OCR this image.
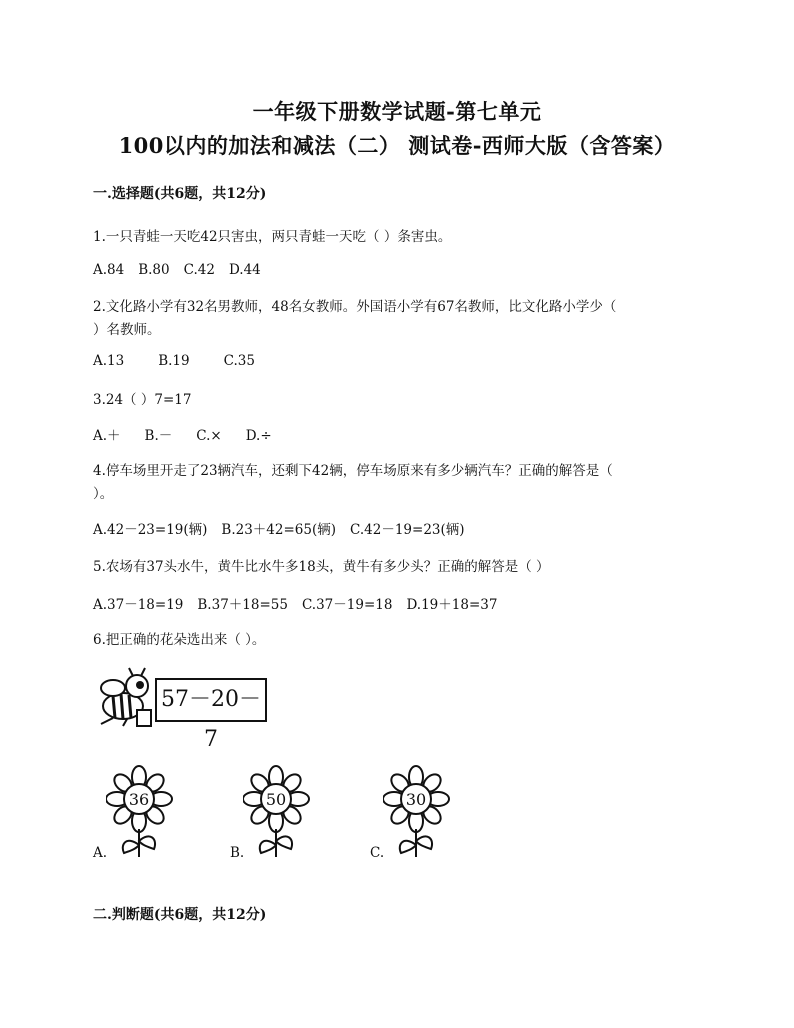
一年级下册数学试题-第七单元
100以内的加法和减法（二） 测试卷-西师大版（含答案）
一.选择题(共6题，共12分)
1.一只青蛙一天吃42只害虫，两只青蛙一天吃（ ）条害虫。
A.84 B.80 C.42 D.44
2.文化路小学有32名男教师，48名女教师。外国语小学有67名教师，比文化路小学少（
）名教师。
A.13	B.19	C.35
3.24（ ）7=17
A.＋ B.－ C.× D.÷
4.停车场里开走了23辆汽车，还剩下42辆，停车场原来有多少辆汽车？正确的解答是（
）。
A.42－23=19(辆) B.23＋42=65(辆) C.42－19=23(辆)
5.农场有37头水牛，黄牛比水牛多18头，黄牛有多少头？正确的解答是（ ）
A.37－18=19 B.37＋18=55 C.37－19=18 D.19＋18=37
6.把正确的花朵选出来（ ）。
57－20－7
36
A.
50
B.
30
C.
二.判断题(共6题，共12分)
